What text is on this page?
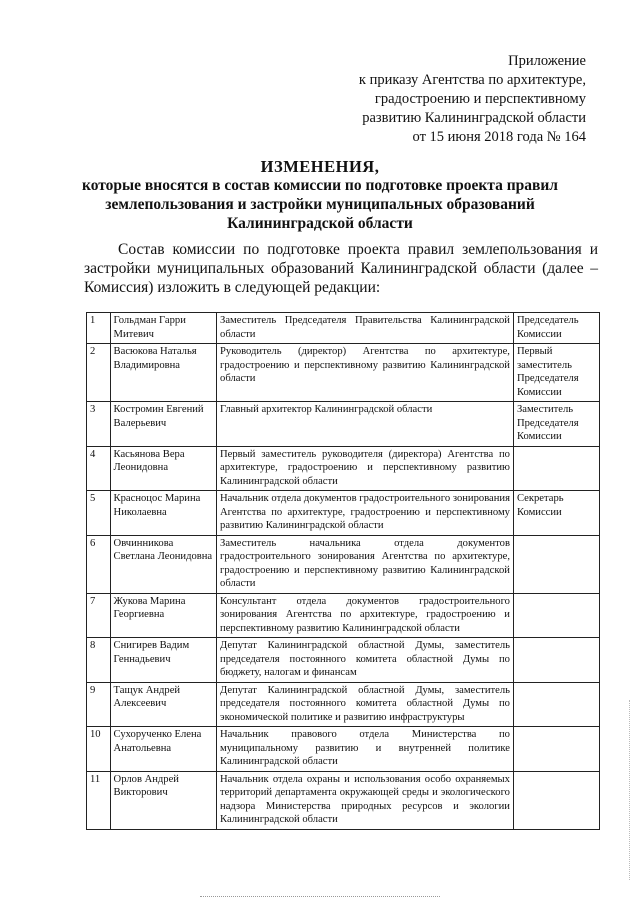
Приложение
к приказу Агентства по архитектуре,
градостроению и перспективному
развитию Калининградской области
от 15 июня 2018 года № 164
ИЗМЕНЕНИЯ,
которые вносятся в состав комиссии по подготовке проекта правил
землепользования и застройки муниципальных образований
Калининградской области
Состав комиссии по подготовке проекта правил землепользования и застройки муниципальных образований Калининградской области (далее – Комиссия) изложить в следующей редакции:
1	Гольдман Гарри Митевич	Заместитель Председателя Правительства Калининградской области	Председатель Комиссии
2	Васюкова Наталья Владимировна	Руководитель (директор) Агентства по архитектуре, градостроению и перспективному развитию Калининградской области	Первый заместитель Председателя Комиссии
3	Костромин Евгений Валерьевич	Главный архитектор Калининградской области	Заместитель Председателя Комиссии
4	Касьянова Вера Леонидовна	Первый заместитель руководителя (директора) Агентства по архитектуре, градостроению и перспективному развитию Калининградской области	
5	Красноцос Марина Николаевна	Начальник отдела документов градостроительного зонирования Агентства по архитектуре, градостроению и перспективному развитию Калининградской области	Секретарь Комиссии
6	Овчинникова Светлана Леонидовна	Заместитель начальника отдела документов градостроительного зонирования Агентства по архитектуре, градостроению и перспективному развитию Калининградской области	
7	Жукова Марина Георгиевна	Консультант отдела документов градостроительного зонирования Агентства по архитектуре, градостроению и перспективному развитию Калининградской области	
8	Снигирев Вадим Геннадьевич	Депутат Калининградской областной Думы, заместитель председателя постоянного комитета областной Думы по бюджету, налогам и финансам	
9	Тащук Андрей Алексеевич	Депутат Калининградской областной Думы, заместитель председателя постоянного комитета областной Думы по экономической политике и развитию инфраструктуры	
10	Сухорученко Елена Анатольевна	Начальник правового отдела Министерства по муниципальному развитию и внутренней политике Калининградской области	
11	Орлов Андрей Викторович	Начальник отдела охраны и использования особо охраняемых территорий департамента окружающей среды и экологического надзора Министерства природных ресурсов и экологии Калининградской области	
